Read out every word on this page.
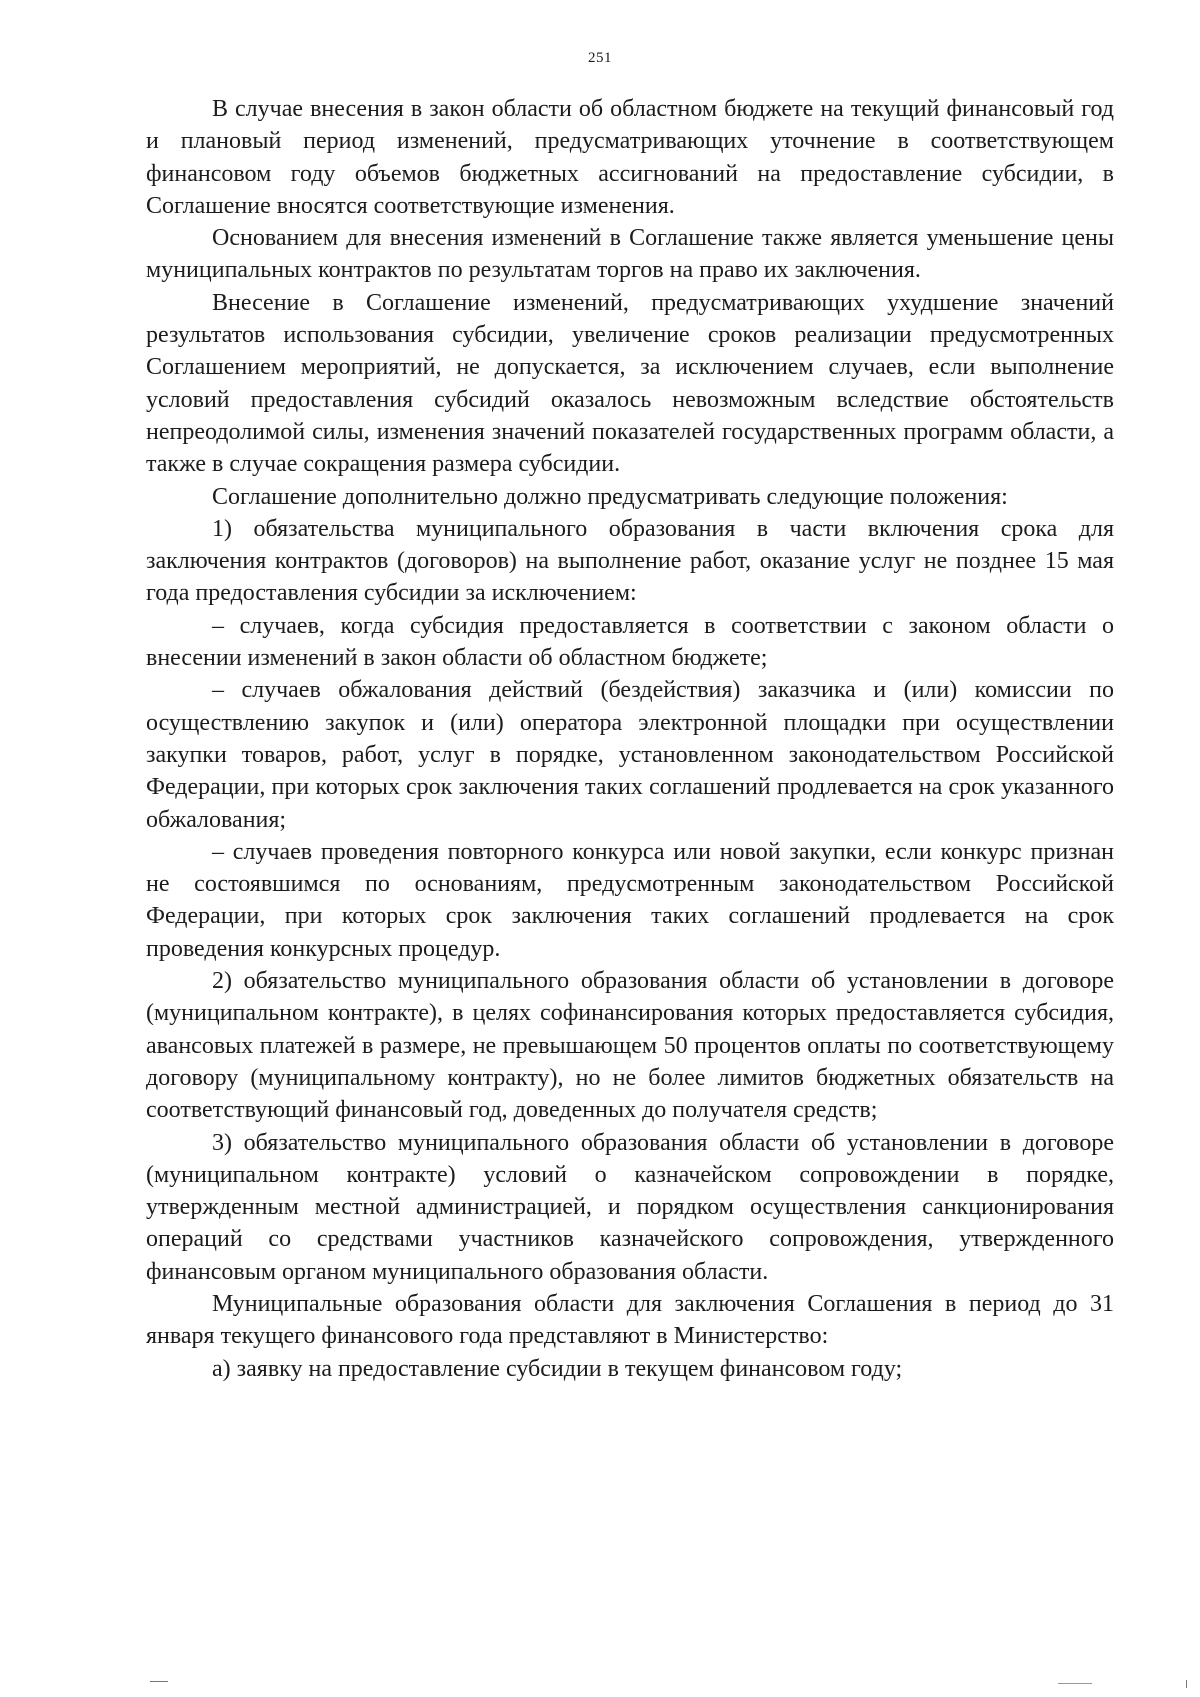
251

В случае внесения в закон области об областном бюджете на текущий финансовый год и плановый период изменений, предусматривающих уточнение в соответствующем финансовом году объемов бюджетных ассигнований на предоставление субсидии, в Соглашение вносятся соответствующие изменения.

Основанием для внесения изменений в Соглашение также является уменьшение цены муниципальных контрактов по результатам торгов на право их заключения.

Внесение в Соглашение изменений, предусматривающих ухудшение значений результатов использования субсидии, увеличение сроков реализации предусмотренных Соглашением мероприятий, не допускается, за исключением случаев, если выполнение условий предоставления субсидий оказалось невозможным вследствие обстоятельств непреодолимой силы, изменения значений показателей государственных программ области, а также в случае сокращения размера субсидии.

Соглашение дополнительно должно предусматривать следующие положения:

1) обязательства муниципального образования в части включения срока для заключения контрактов (договоров) на выполнение работ, оказание услуг не позднее 15 мая года предоставления субсидии за исключением:

– случаев, когда субсидия предоставляется в соответствии с законом области о внесении изменений в закон области об областном бюджете;

– случаев обжалования действий (бездействия) заказчика и (или) комиссии по осуществлению закупок и (или) оператора электронной площадки при осуществлении закупки товаров, работ, услуг в порядке, установленном законодательством Российской Федерации, при которых срок заключения таких соглашений продлевается на срок указанного обжалования;

– случаев проведения повторного конкурса или новой закупки, если конкурс признан не состоявшимся по основаниям, предусмотренным законодательством Российской Федерации, при которых срок заключения таких соглашений продлевается на срок проведения конкурсных процедур.

2) обязательство муниципального образования области об установлении в договоре (муниципальном контракте), в целях софинансирования которых предоставляется субсидия, авансовых платежей в размере, не превышающем 50 процентов оплаты по соответствующему договору (муниципальному контракту), но не более лимитов бюджетных обязательств на соответствующий финансовый год, доведенных до получателя средств;

3) обязательство муниципального образования области об установлении в договоре (муниципальном контракте) условий о казначейском сопровождении в порядке, утвержденным местной администрацией, и порядком осуществления санкционирования операций со средствами участников казначейского сопровождения, утвержденного финансовым органом муниципального образования области.

Муниципальные образования области для заключения Соглашения в период до 31 января текущего финансового года представляют в Министерство:

а) заявку на предоставление субсидии в текущем финансовом году;
